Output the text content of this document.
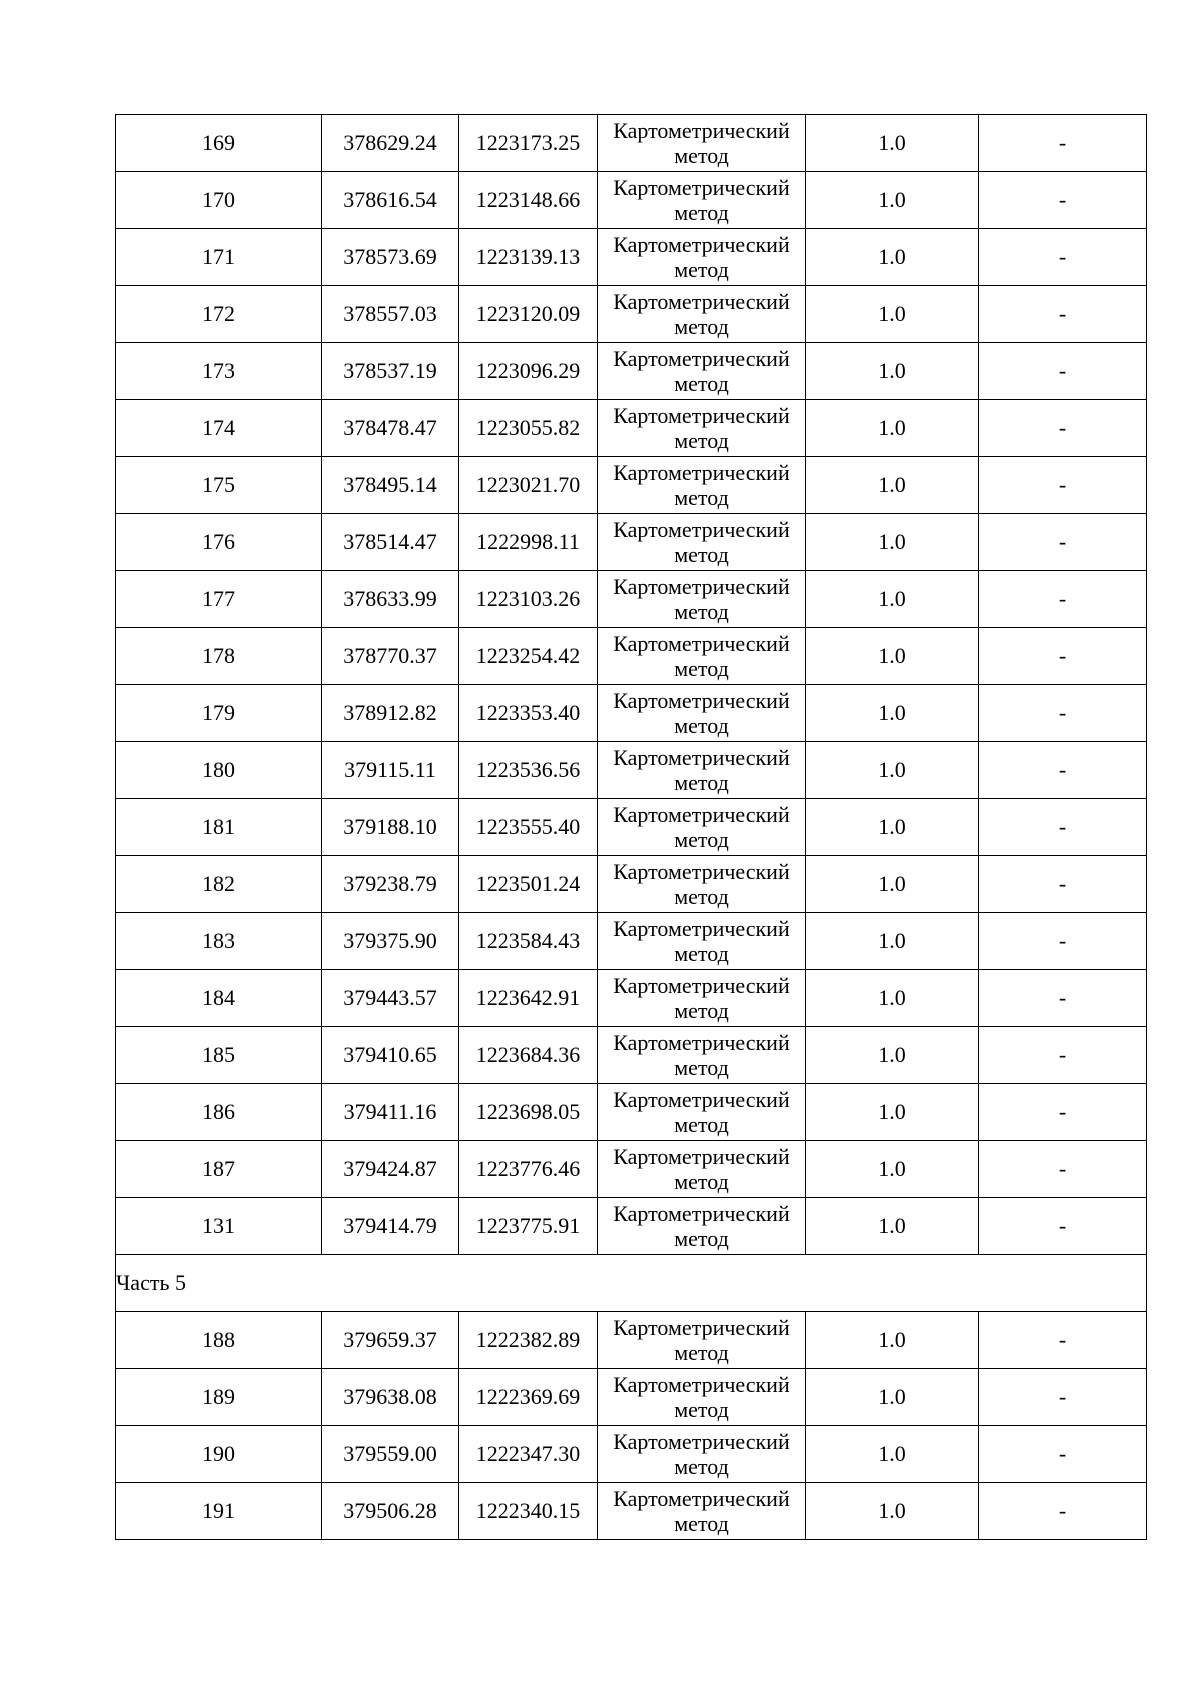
169	378629.24	1223173.25	Картометрический метод	1.0	-
170	378616.54	1223148.66	Картометрический метод	1.0	-
171	378573.69	1223139.13	Картометрический метод	1.0	-
172	378557.03	1223120.09	Картометрический метод	1.0	-
173	378537.19	1223096.29	Картометрический метод	1.0	-
174	378478.47	1223055.82	Картометрический метод	1.0	-
175	378495.14	1223021.70	Картометрический метод	1.0	-
176	378514.47	1222998.11	Картометрический метод	1.0	-
177	378633.99	1223103.26	Картометрический метод	1.0	-
178	378770.37	1223254.42	Картометрический метод	1.0	-
179	378912.82	1223353.40	Картометрический метод	1.0	-
180	379115.11	1223536.56	Картометрический метод	1.0	-
181	379188.10	1223555.40	Картометрический метод	1.0	-
182	379238.79	1223501.24	Картометрический метод	1.0	-
183	379375.90	1223584.43	Картометрический метод	1.0	-
184	379443.57	1223642.91	Картометрический метод	1.0	-
185	379410.65	1223684.36	Картометрический метод	1.0	-
186	379411.16	1223698.05	Картометрический метод	1.0	-
187	379424.87	1223776.46	Картометрический метод	1.0	-
131	379414.79	1223775.91	Картометрический метод	1.0	-
Часть 5					
188	379659.37	1222382.89	Картометрический метод	1.0	-
189	379638.08	1222369.69	Картометрический метод	1.0	-
190	379559.00	1222347.30	Картометрический метод	1.0	-
191	379506.28	1222340.15	Картометрический метод	1.0	-
